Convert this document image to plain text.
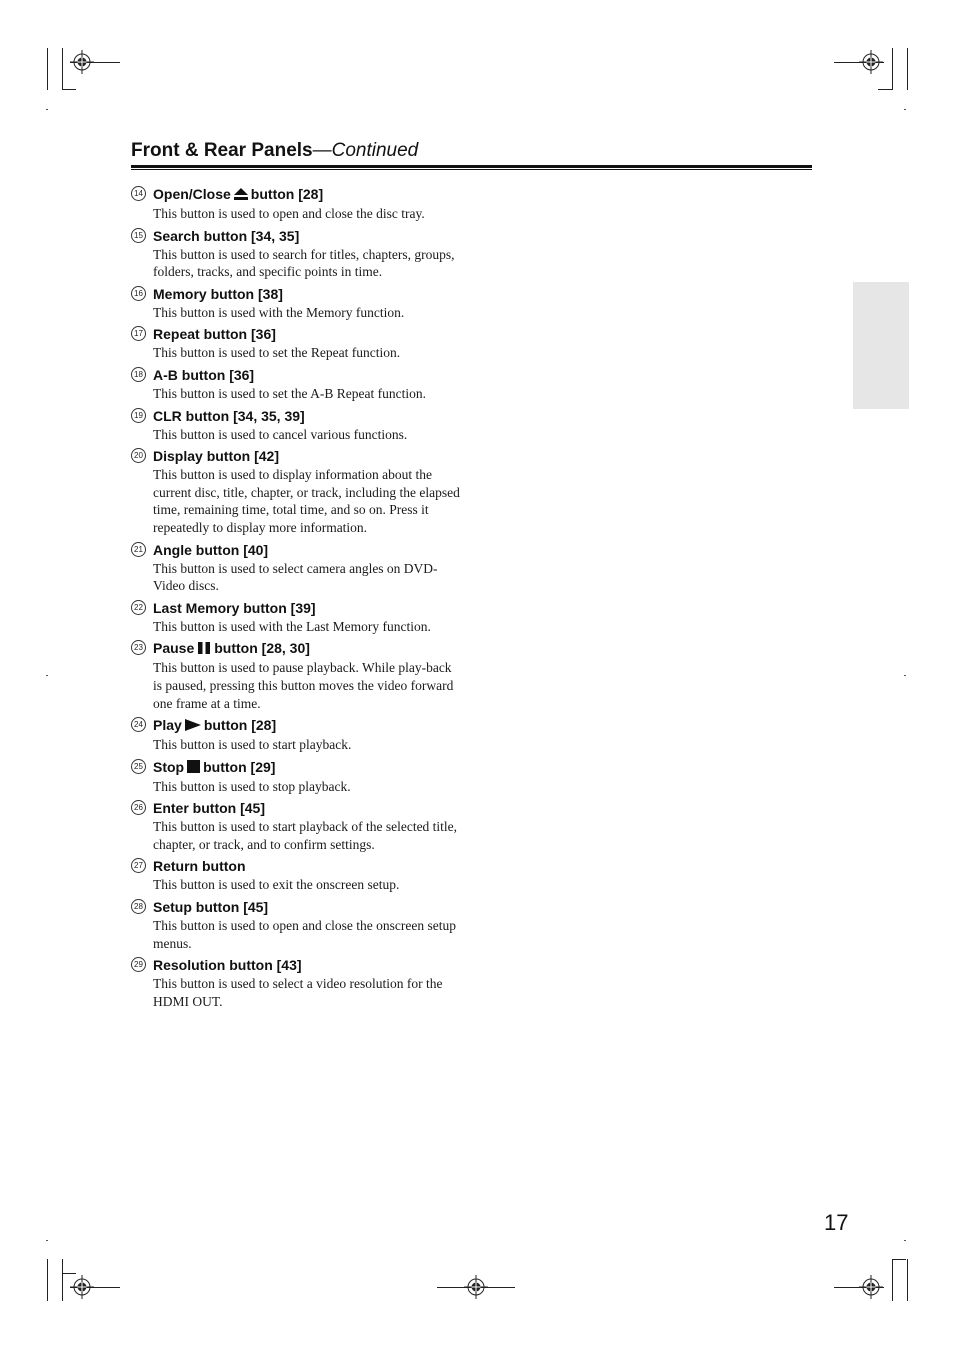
Front & Rear Panels—Continued
14 Open/Close button [28]
This button is used to open and close the disc tray.
15 Search button [34, 35]
This button is used to search for titles, chapters, groups, folders, tracks, and specific points in time.
16 Memory button [38]
This button is used with the Memory function.
17 Repeat button [36]
This button is used to set the Repeat function.
18 A-B button [36]
This button is used to set the A-B Repeat function.
19 CLR button [34, 35, 39]
This button is used to cancel various functions.
20 Display button [42]
This button is used to display information about the current disc, title, chapter, or track, including the elapsed time, remaining time, total time, and so on. Press it repeatedly to display more information.
21 Angle button [40]
This button is used to select camera angles on DVD-Video discs.
22 Last Memory button [39]
This button is used with the Last Memory function.
23 Pause button [28, 30]
This button is used to pause playback. While play-back is paused, pressing this button moves the video forward one frame at a time.
24 Play button [28]
This button is used to start playback.
25 Stop button [29]
This button is used to stop playback.
26 Enter button [45]
This button is used to start playback of the selected title, chapter, or track, and to confirm settings.
27 Return button
This button is used to exit the onscreen setup.
28 Setup button [45]
This button is used to open and close the onscreen setup menus.
29 Resolution button [43]
This button is used to select a video resolution for the HDMI OUT.
17
